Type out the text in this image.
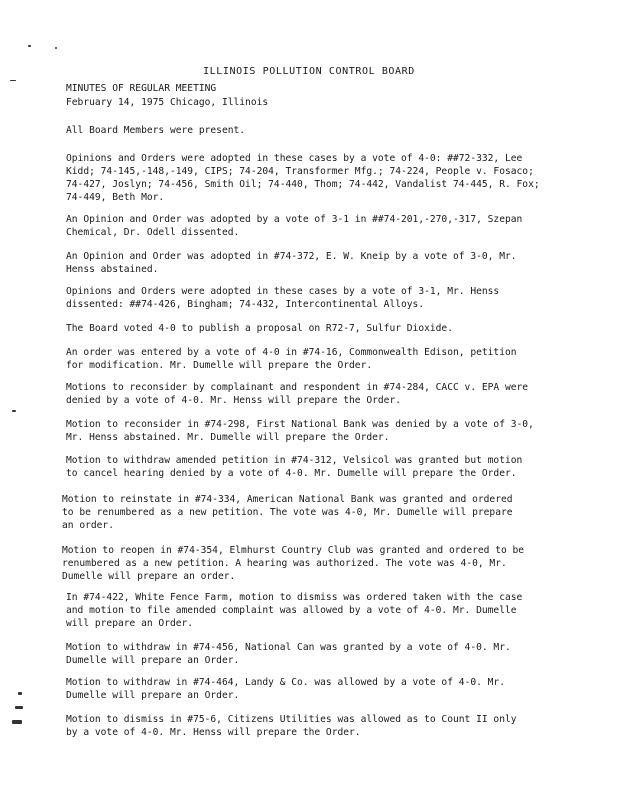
ILLINOIS POLLUTION CONTROL BOARD
MINUTES OF REGULAR MEETING
February 14, 1975 Chicago, Illinois
All Board Members were present.
Opinions and Orders were adopted in these cases by a vote of 4-0: ##72-332, Lee
Kidd; 74-145,-148,-149, CIPS; 74-204, Transformer Mfg.; 74-224, People v. Fosaco;
74-427, Joslyn; 74-456, Smith Oil; 74-440, Thom; 74-442, Vandalist 74-445, R. Fox;
74-449, Beth Mor.
An Opinion and Order was adopted by a vote of 3-1 in ##74-201,-270,-317, Szepan
Chemical, Dr. Odell dissented.
An Opinion and Order was adopted in #74-372, E. W. Kneip by a vote of 3-0, Mr.
Henss abstained.
Opinions and Orders were adopted in these cases by a vote of 3-1, Mr. Henss
dissented: ##74-426, Bingham; 74-432, Intercontinental Alloys.
The Board voted 4-0 to publish a proposal on R72-7, Sulfur Dioxide.
An order was entered by a vote of 4-0 in #74-16, Commonwealth Edison, petition
for modification. Mr. Dumelle will prepare the Order.
Motions to reconsider by complainant and respondent in #74-284, CACC v. EPA were
denied by a vote of 4-0. Mr. Henss will prepare the Order.
Motion to reconsider in #74-298, First National Bank was denied by a vote of 3-0,
Mr. Henss abstained. Mr. Dumelle will prepare the Order.
Motion to withdraw amended petition in #74-312, Velsicol was granted but motion
to cancel hearing denied by a vote of 4-0. Mr. Dumelle will prepare the Order.
Motion to reinstate in #74-334, American National Bank was granted and ordered
to be renumbered as a new petition. The vote was 4-0, Mr. Dumelle will prepare
an order.
Motion to reopen in #74-354, Elmhurst Country Club was granted and ordered to be
renumbered as a new petition. A hearing was authorized. The vote was 4-0, Mr.
Dumelle will prepare an order.
In #74-422, White Fence Farm, motion to dismiss was ordered taken with the case
and motion to file amended complaint was allowed by a vote of 4-0. Mr. Dumelle
will prepare an Order.
Motion to withdraw in #74-456, National Can was granted by a vote of 4-0. Mr.
Dumelle will prepare an Order.
Motion to withdraw in #74-464, Landy & Co. was allowed by a vote of 4-0. Mr.
Dumelle will prepare an Order.
Motion to dismiss in #75-6, Citizens Utilities was allowed as to Count II only
by a vote of 4-0. Mr. Henss will prepare the Order.
